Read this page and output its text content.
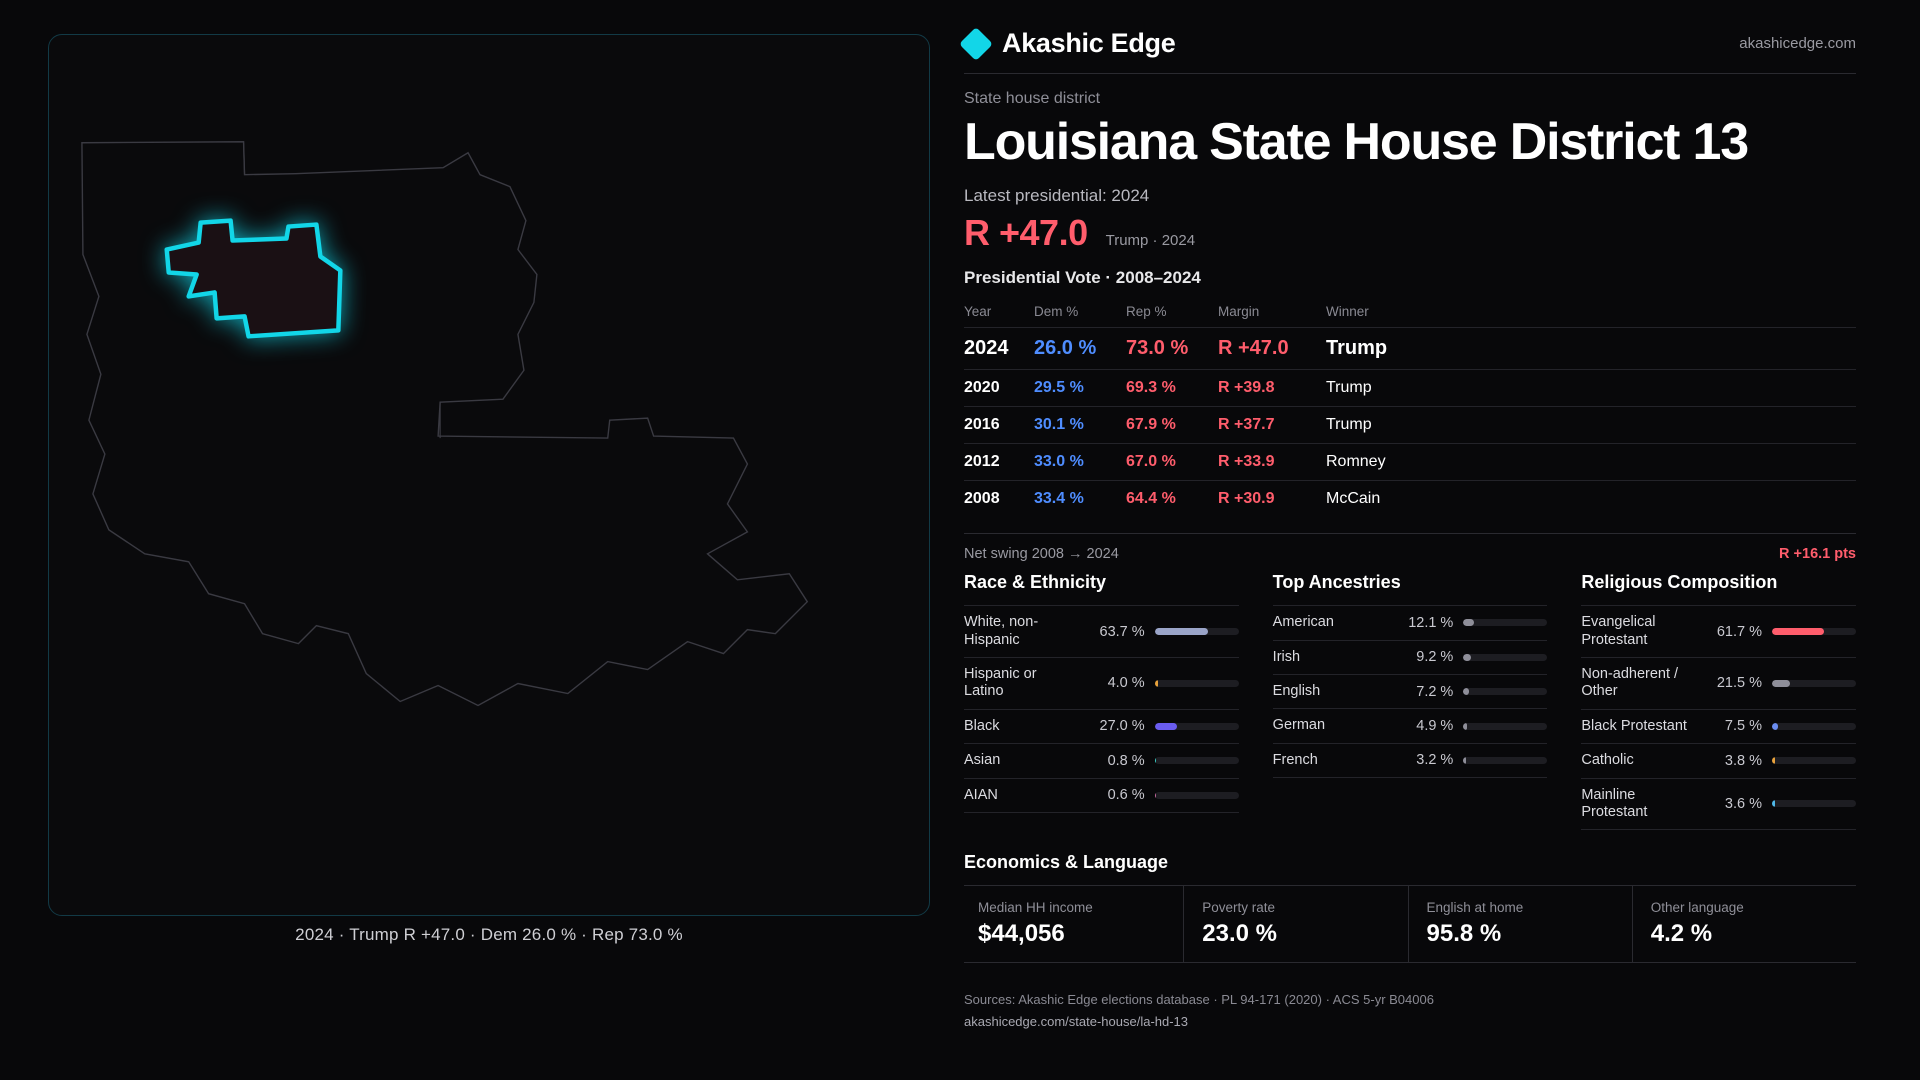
2024 · Trump R +47.0 · Dem 26.0 % · Rep 73.0 %
Akashic Edge	akashicedge.com
State house district
Louisiana State House District 13
Latest presidential: 2024
R +47.0 Trump · 2024
Presidential Vote · 2008–2024
Year	Dem %	Rep %	Margin	Winner
2024	26.0 %	73.0 %	R +47.0	Trump
2020	29.5 %	69.3 %	R +39.8	Trump
2016	30.1 %	67.9 %	R +37.7	Trump
2012	33.0 %	67.0 %	R +33.9	Romney
2008	33.4 %	64.4 %	R +30.9	McCain
Net swing 2008 → 2024	R +16.1 pts
Race & Ethnicity
White, non-Hispanic	63.7 %
Hispanic or Latino	4.0 %
Black	27.0 %
Asian	0.8 %
AIAN	0.6 %
Top Ancestries
American	12.1 %
Irish	9.2 %
English	7.2 %
German	4.9 %
French	3.2 %
Religious Composition
Evangelical Protestant	61.7 %
Non-adherent / Other	21.5 %
Black Protestant	7.5 %
Catholic	3.8 %
Mainline Protestant	3.6 %
Economics & Language
Median HH income
$44,056
Poverty rate
23.0 %
English at home
95.8 %
Other language
4.2 %
Sources: Akashic Edge elections database · PL 94-171 (2020) · ACS 5-yr B04006
akashicedge.com/state-house/la-hd-13
